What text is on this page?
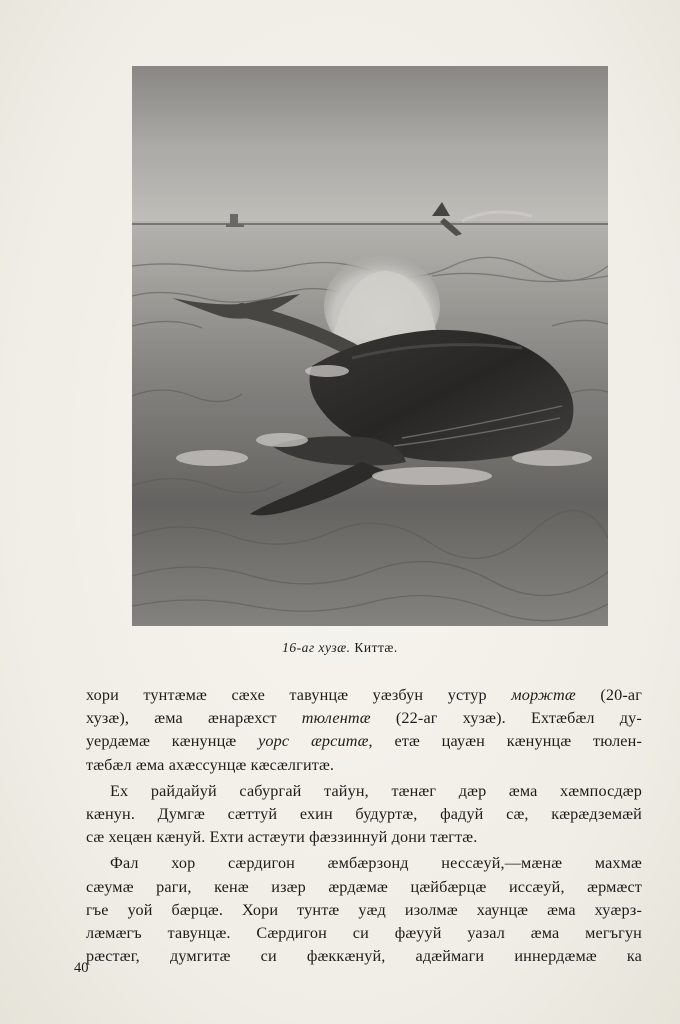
16-аг хузæ. Киттæ.
хори тунтæмæ сæхе тавунцæ уæзбун устур моржтæ (20-аг
хузæ), æма æнарæхст тюлентæ (22-аг хузæ). Ехтæбæл ду-
уердæмæ кæнунцæ уорс æрситæ, етæ цауæн кæнунцæ тюлен-
тæбæл æма ахæссунцæ кæсæлгитæ.
Ех райдайуй сабургай тайун, тæнæг дæр æма хæмпосдæр
кæнун. Думгæ сæттуй ехин будуртæ, фадуй сæ, кæрæдземæй
сæ хецæн кæнуй. Ехти астæути фæззиннуй дони тæгтæ.
Фал хор сæрдигон æмбæрзонд нессæуй,—мæнæ махмæ
сæумæ раги, кенæ изæр æрдæмæ цæйбæрцæ иссæуй, æрмæст
гъе уой бæрцæ. Хори тунтæ уæд изолмæ хаунцæ æма хуæрз-
лæмæгъ тавунцæ. Сæрдигон си фæууй уазал æма мегъгун
рæстæг, думгитæ си фæккæнуй, адæймаги иннердæмæ ка
40
